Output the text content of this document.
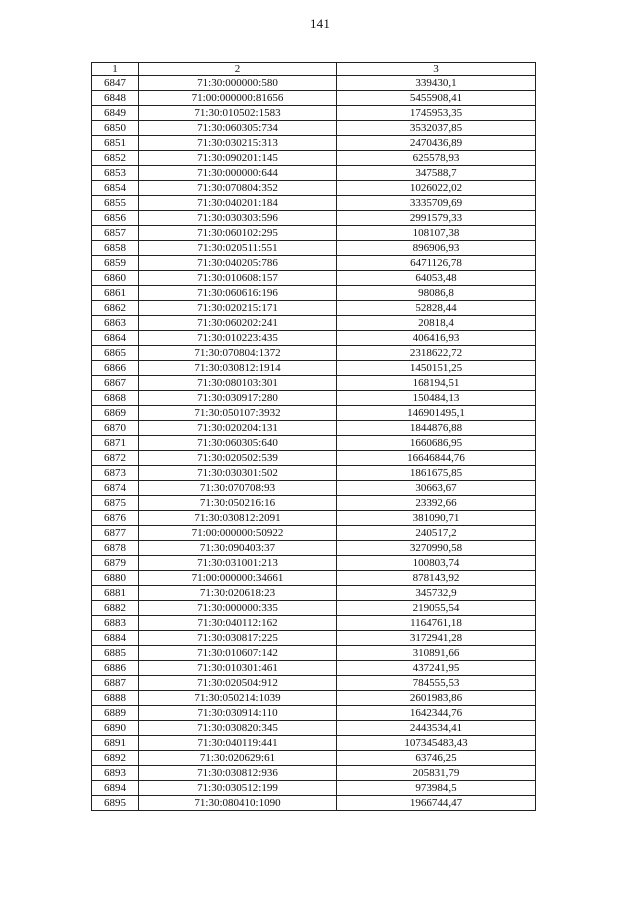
141
1	2	3
6847	71:30:000000:580	339430,1
6848	71:00:000000:81656	5455908,41
6849	71:30:010502:1583	1745953,35
6850	71:30:060305:734	3532037,85
6851	71:30:030215:313	2470436,89
6852	71:30:090201:145	625578,93
6853	71:30:000000:644	347588,7
6854	71:30:070804:352	1026022,02
6855	71:30:040201:184	3335709,69
6856	71:30:030303:596	2991579,33
6857	71:30:060102:295	108107,38
6858	71:30:020511:551	896906,93
6859	71:30:040205:786	6471126,78
6860	71:30:010608:157	64053,48
6861	71:30:060616:196	98086,8
6862	71:30:020215:171	52828,44
6863	71:30:060202:241	20818,4
6864	71:30:010223:435	406416,93
6865	71:30:070804:1372	2318622,72
6866	71:30:030812:1914	1450151,25
6867	71:30:080103:301	168194,51
6868	71:30:030917:280	150484,13
6869	71:30:050107:3932	146901495,1
6870	71:30:020204:131	1844876,88
6871	71:30:060305:640	1660686,95
6872	71:30:020502:539	16646844,76
6873	71:30:030301:502	1861675,85
6874	71:30:070708:93	30663,67
6875	71:30:050216:16	23392,66
6876	71:30:030812:2091	381090,71
6877	71:00:000000:50922	240517,2
6878	71:30:090403:37	3270990,58
6879	71:30:031001:213	100803,74
6880	71:00:000000:34661	878143,92
6881	71:30:020618:23	345732,9
6882	71:30:000000:335	219055,54
6883	71:30:040112:162	1164761,18
6884	71:30:030817:225	3172941,28
6885	71:30:010607:142	310891,66
6886	71:30:010301:461	437241,95
6887	71:30:020504:912	784555,53
6888	71:30:050214:1039	2601983,86
6889	71:30:030914:110	1642344,76
6890	71:30:030820:345	2443534,41
6891	71:30:040119:441	107345483,43
6892	71:30:020629:61	63746,25
6893	71:30:030812:936	205831,79
6894	71:30:030512:199	973984,5
6895	71:30:080410:1090	1966744,47
